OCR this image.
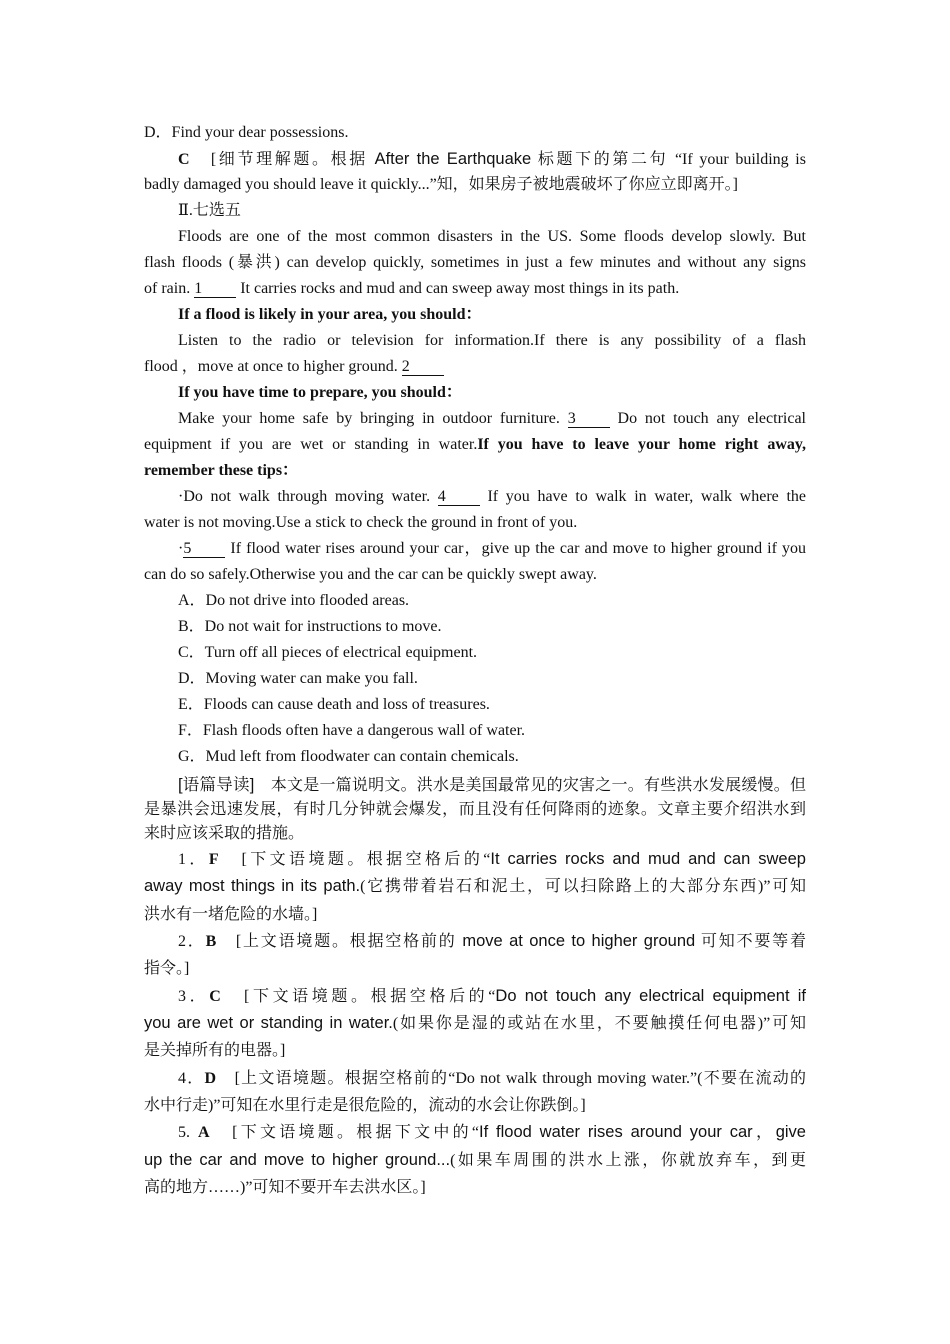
D．Find your dear possessions.
C　[细节理解题。根据 After the Earthquake 标题下的第二句 “If your building is
badly damaged you should leave it quickly...”知，如果房子被地震破坏了你应立即离开。]
Ⅱ.七选五
Floods are one of the most common disasters in the US. Some floods develop slowly. But
flash floods (暴洪) can develop quickly, sometimes in just a few minutes and without any signs
of rain. 1 It carries rocks and mud and can sweep away most things in its path.
If a flood is likely in your area, you should：
Listen to the radio or television for information.If there is any possibility of a flash
flood ，move at once to higher ground. 2
If you have time to prepare, you should：
Make your home safe by bringing in outdoor furniture. 3 Do not touch any electrical
equipment if you are wet or standing in water.If you have to leave your home right away,
remember these tips：
·Do not walk through moving water. 4 If you have to walk in water, walk where the
water is not moving.Use a stick to check the ground in front of you.
·5 If flood water rises around your car，give up the car and move to higher ground if you
can do so safely.Otherwise you and the car can be quickly swept away.
A．Do not drive into flooded areas.
B．Do not wait for instructions to move.
C．Turn off all pieces of electrical equipment.
D．Moving water can make you fall.
E．Floods can cause death and loss of treasures.
F．Flash floods often have a dangerous wall of water.
G．Mud left from floodwater can contain chemicals.
[语篇导读]　本文是一篇说明文。洪水是美国最常见的灾害之一。有些洪水发展缓慢。但
是暴洪会迅速发展，有时几分钟就会爆发，而且没有任何降雨的迹象。文章主要介绍洪水到
来时应该采取的措施。
1．F　[下文语境题。根据空格后的“It carries rocks and mud and can sweep
away most things in its path.(它携带着岩石和泥土，可以扫除路上的大部分东西)”可知
洪水有一堵危险的水墙。]
2．B　[上文语境题。根据空格前的 move at once to higher ground 可知不要等着
指令。]
3．C　[下文语境题。根据空格后的“Do not touch any electrical equipment if
you are wet or standing in water.(如果你是湿的或站在水里，不要触摸任何电器)”可知
是关掉所有的电器。]
4．D　[上文语境题。根据空格前的“Do not walk through moving water.”(不要在流动的
水中行走)”可知在水里行走是很危险的，流动的水会让你跌倒。]
5. A　[下文语境题。根据下文中的“If flood water rises around your car，give
up the car and move to higher ground...(如果车周围的洪水上涨，你就放弃车，到更
高的地方……)”可知不要开车去洪水区。]
